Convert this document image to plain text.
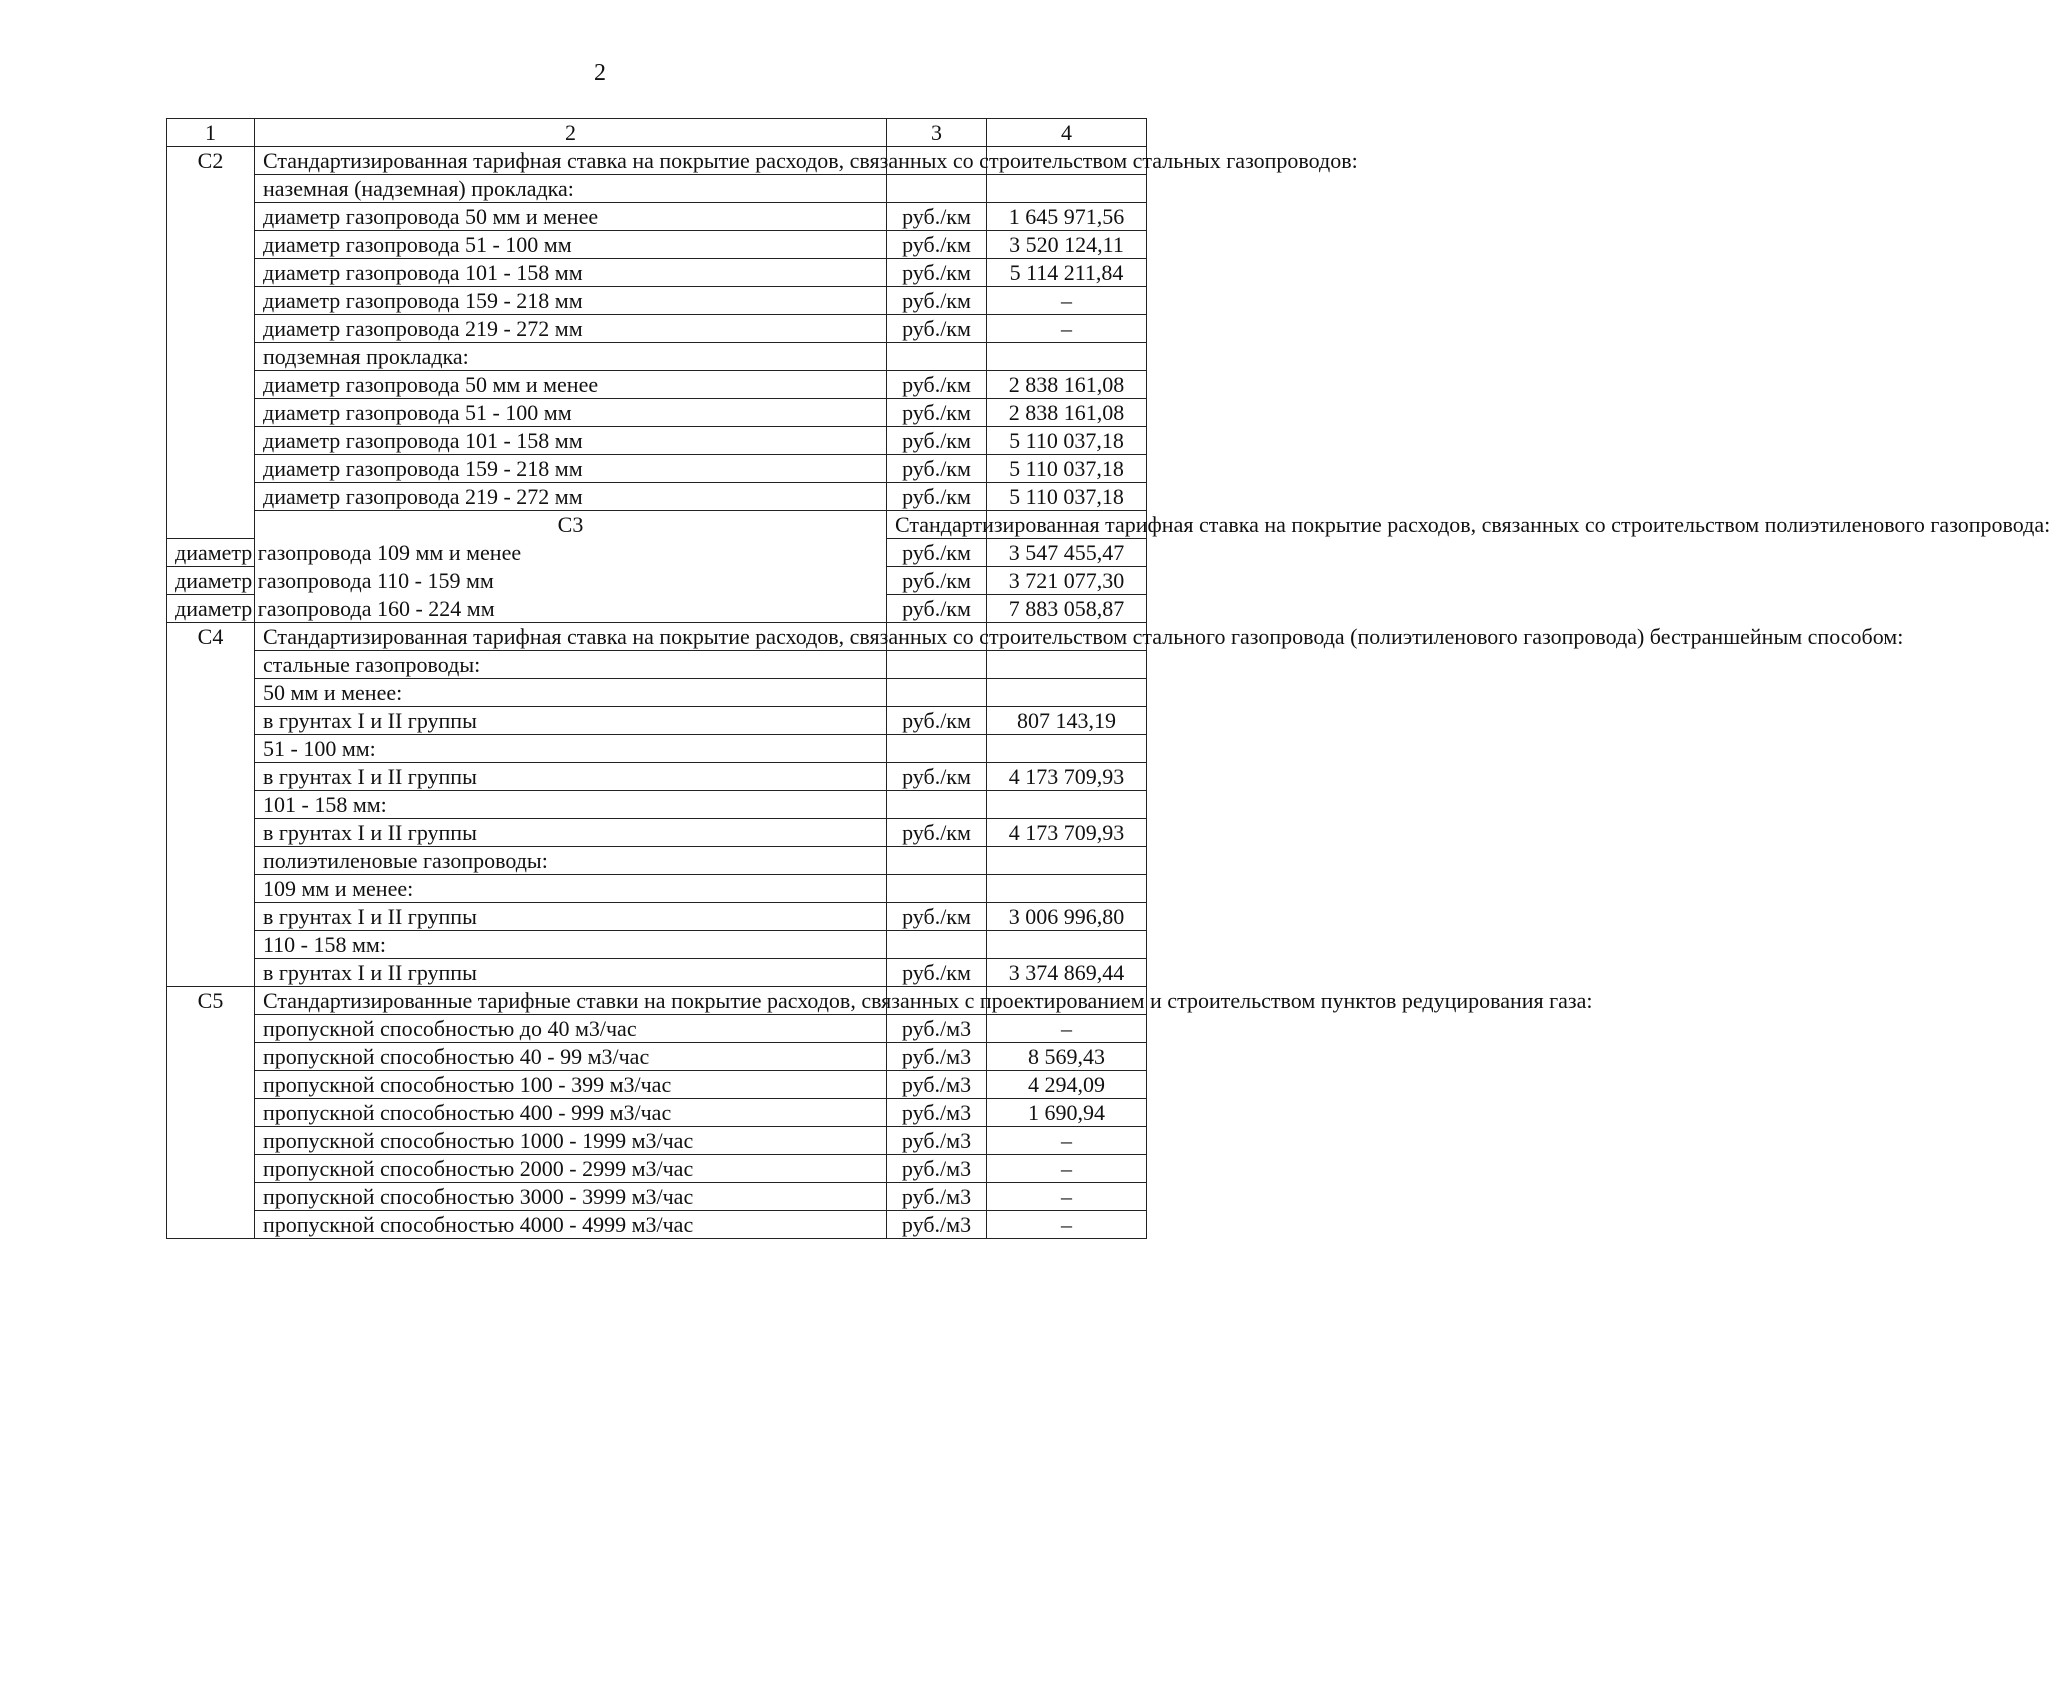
2
1	2	3	4	
С2	Стандартизированная тарифная ставка на покрытие расходов, связанных со строительством стальных газопроводов:			
	наземная (надземная) прокладка:			
	диаметр газопровода 50 мм и менее	руб./км	1 645 971,56	
	диаметр газопровода 51 - 100 мм	руб./км	3 520 124,11	
	диаметр газопровода 101 - 158 мм	руб./км	5 114 211,84	
	диаметр газопровода 159 - 218 мм	руб./км	–	
	диаметр газопровода 219 - 272 мм	руб./км	–	
	подземная прокладка:			
	диаметр газопровода 50 мм и менее	руб./км	2 838 161,08	
	диаметр газопровода 51 - 100 мм	руб./км	2 838 161,08	
	диаметр газопровода 101 - 158 мм	руб./км	5 110 037,18	
	диаметр газопровода 159 - 218 мм	руб./км	5 110 037,18	
	диаметр газопровода 219 - 272 мм	руб./км	5 110 037,18	
	С3	Стандартизированная тарифная ставка на покрытие расходов, связанных со строительством полиэтиленового газопровода:		
диаметр газопровода 109 мм и менее		руб./км	3 547 455,47	
диаметр газопровода 110 - 159 мм		руб./км	3 721 077,30	
диаметр газопровода 160 - 224 мм		руб./км	7 883 058,87	
С4	Стандартизированная тарифная ставка на покрытие расходов, связанных со строительством стального газопровода (полиэтиленового газопровода) бестраншейным способом:			
	стальные газопроводы:			
	50 мм и менее:			
	в грунтах I и II группы	руб./км	807 143,19	
	51 - 100 мм:			
	в грунтах I и II группы	руб./км	4 173 709,93	
	101 - 158 мм:			
	в грунтах I и II группы	руб./км	4 173 709,93	
	полиэтиленовые газопроводы:			
	109 мм и менее:			
	в грунтах I и II группы	руб./км	3 006 996,80	
	110 - 158 мм:			
	в грунтах I и II группы	руб./км	3 374 869,44	
С5	Стандартизированные тарифные ставки на покрытие расходов, связанных с проектированием и строительством пунктов редуцирования газа:			
	пропускной способностью до 40 м3/час	руб./м3	–	
	пропускной способностью 40 - 99 м3/час	руб./м3	8 569,43	
	пропускной способностью 100 - 399 м3/час	руб./м3	4 294,09	
	пропускной способностью 400 - 999 м3/час	руб./м3	1 690,94	
	пропускной способностью 1000 - 1999 м3/час	руб./м3	–	
	пропускной способностью 2000 - 2999 м3/час	руб./м3	–	
	пропускной способностью 3000 - 3999 м3/час	руб./м3	–	
	пропускной способностью 4000 - 4999 м3/час	руб./м3	–	
